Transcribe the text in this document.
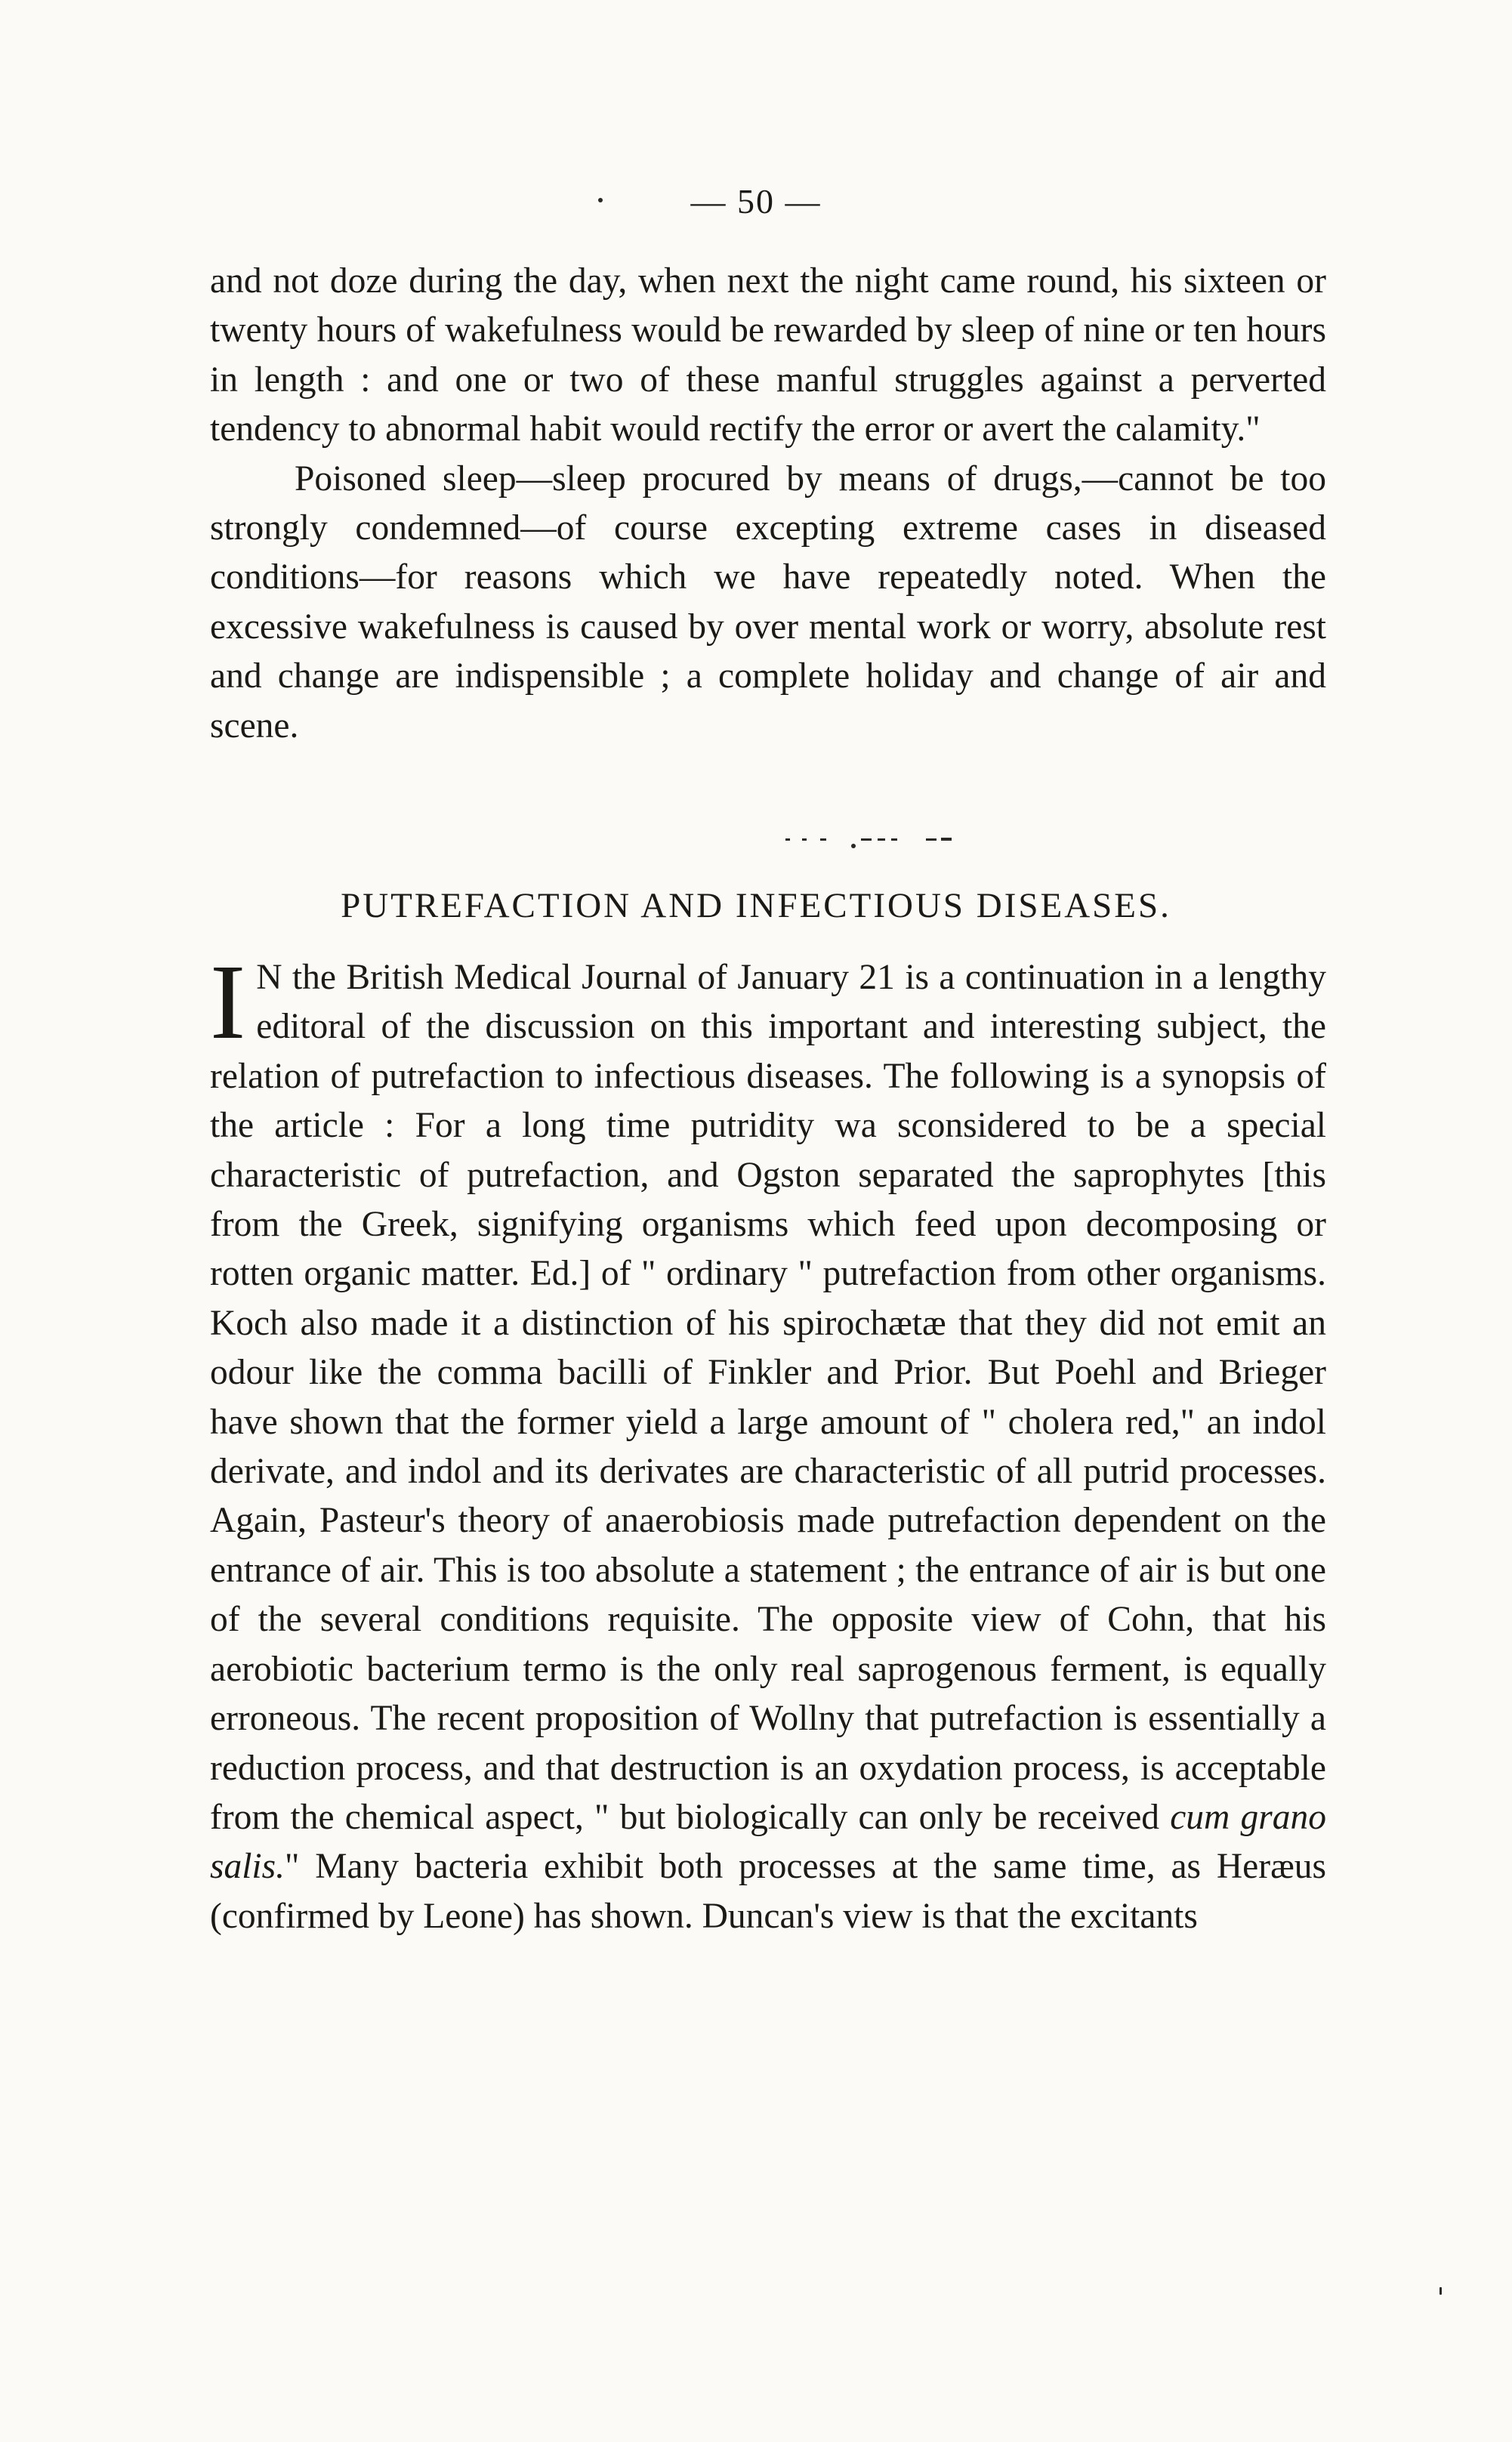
— 50 —

and not doze during the day, when next the night came round, his sixteen or twenty hours of wakefulness would be rewarded by sleep of nine or ten hours in length : and one or two of these manful struggles against a perverted tendency to abnormal habit would rectify the error or avert the calamity."

Poisoned sleep—sleep procured by means of drugs,—cannot be too strongly condemned—of course excepting extreme cases in diseased conditions—for reasons which we have repeatedly noted. When the excessive wakefulness is caused by over mental work or worry, absolute rest and change are indispensible ; a complete holiday and change of air and scene.

PUTREFACTION AND INFECTIOUS DISEASES.

I N the British Medical Journal of January 21 is a continuation in a lengthy editoral of the discussion on this important and interesting subject, the relation of putrefaction to infectious diseases. The following is a synopsis of the article : For a long time putridity wa sconsidered to be a special characteristic of putrefaction, and Ogston separated the saprophytes [this from the Greek, signifying organisms which feed upon decomposing or rotten organic matter. Ed.] of " ordinary " putrefaction from other organisms. Koch also made it a distinction of his spirochætæ that they did not emit an odour like the comma bacilli of Finkler and Prior. But Poehl and Brieger have shown that the former yield a large amount of " cholera red," an indol derivate, and indol and its derivates are characteristic of all putrid processes. Again, Pasteur's theory of anaerobiosis made putrefaction dependent on the entrance of air. This is too absolute a statement ; the entrance of air is but one of the several conditions requisite. The opposite view of Cohn, that his aerobiotic bacterium termo is the only real saprogenous ferment, is equally erroneous. The recent proposition of Wollny that putrefaction is essentially a reduction process, and that destruction is an oxydation process, is acceptable from the chemical aspect, " but biologically can only be received cum grano salis." Many bacteria exhibit both processes at the same time, as Heræus (confirmed by Leone) has shown. Duncan's view is that the excitants
